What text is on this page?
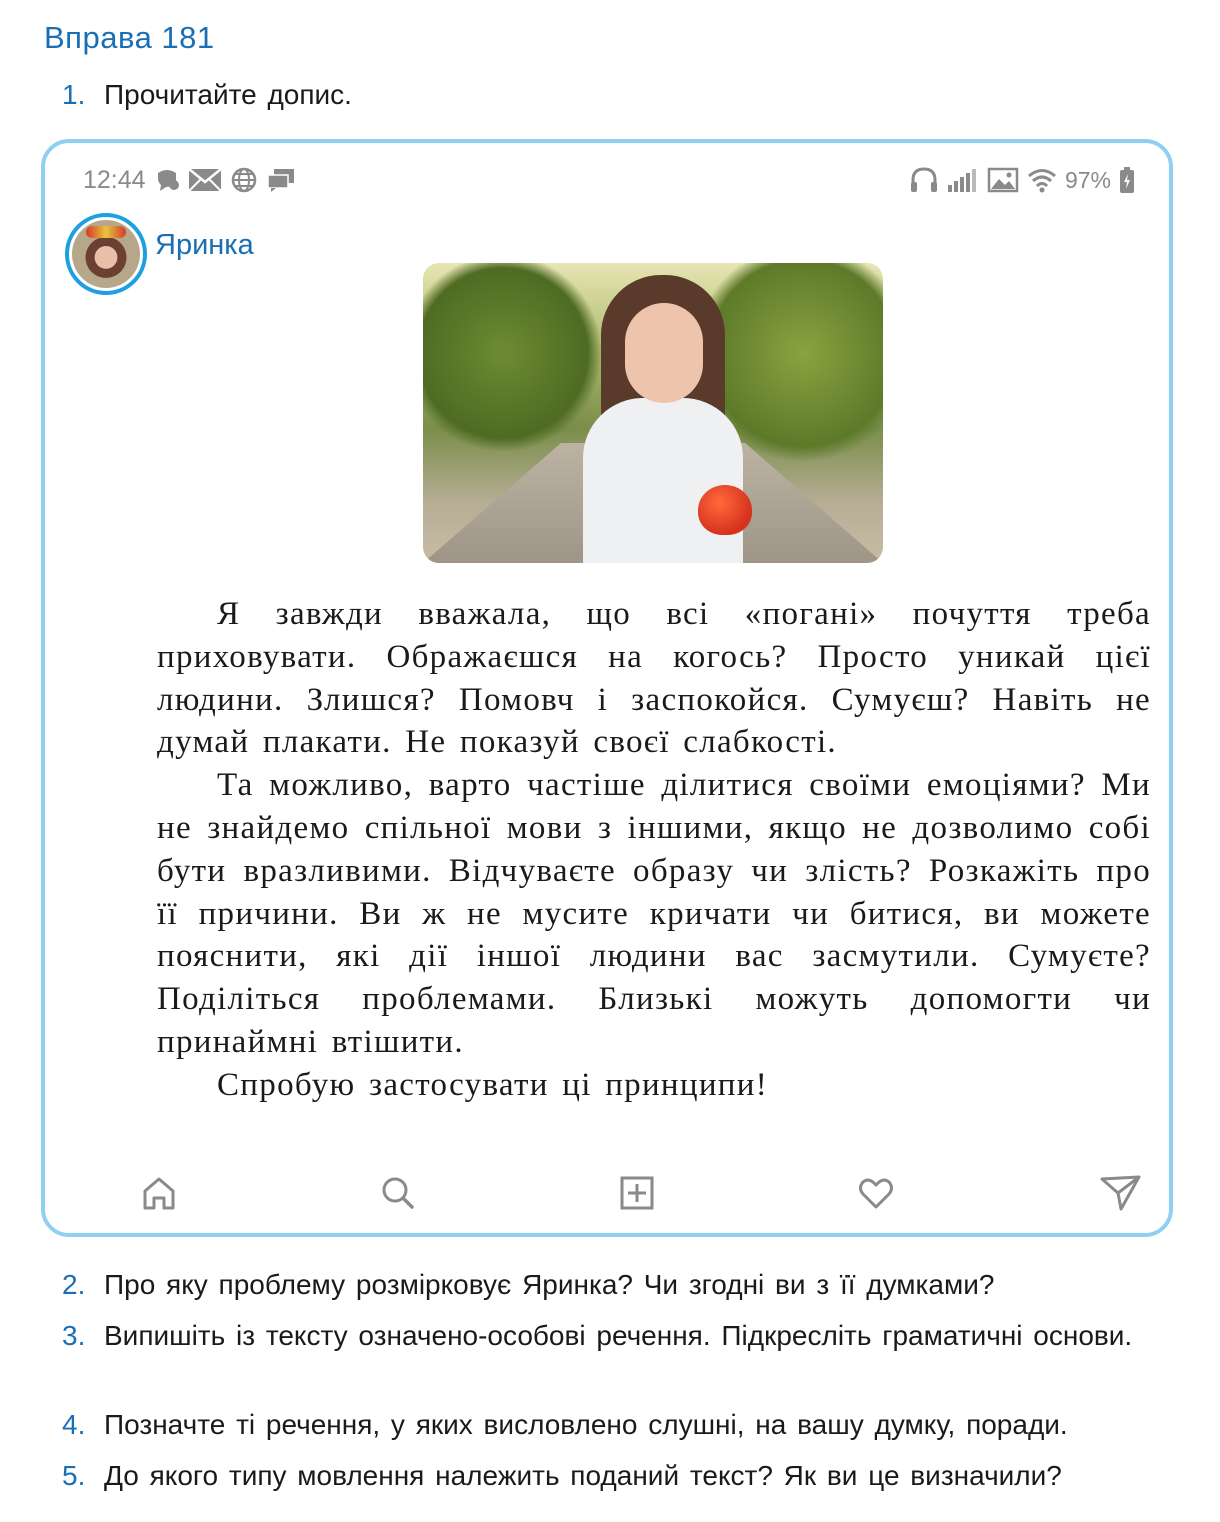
Вправа 181
1. Прочитайте допис.
12:44	97%
Яринка

Я завжди вважала, що всі «погані» почуття треба приховувати. Ображаєшся на когось? Просто уникай цієї людини. Злишся? Помовч і заспокойся. Сумуєш? Навіть не думай плакати. Не показуй своєї слабкості.

Та можливо, варто частіше ділитися своїми емоціями? Ми не знайдемо спільної мови з іншими, якщо не дозволимо собі бути вразливими. Відчуваєте образу чи злість? Розкажіть про її причини. Ви ж не мусите кричати чи битися, ви можете пояснити, які дії іншої людини вас засмутили. Сумуєте? Поділіться проблемами. Близькі можуть допомогти чи принаймні втішити.

Спробую застосувати ці принципи!

2. Про яку проблему розмірковує Яринка? Чи згодні ви з її думками?
3. Випишіть із тексту означено-особові речення. Підкресліть граматичні основи.
4. Позначте ті речення, у яких висловлено слушні, на вашу думку, поради.
5. До якого типу мовлення належить поданий текст? Як ви це визначили?
